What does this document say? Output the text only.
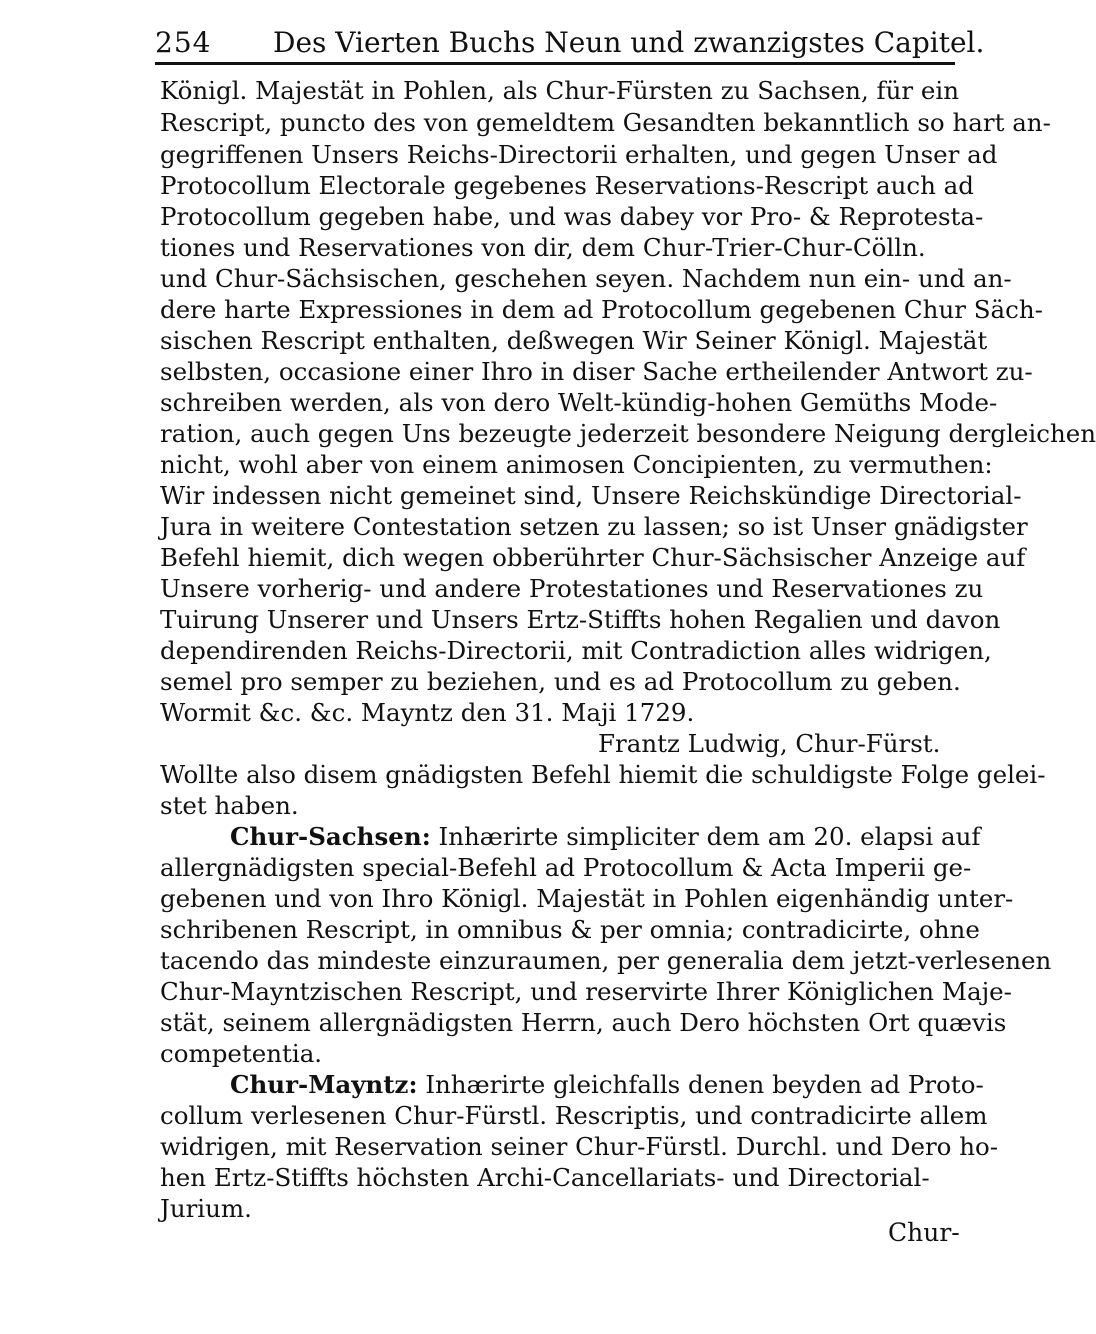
254 Des Vierten Buchs Neun und zwanzigstes Capitel.
Königl. Majestät in Pohlen, als Chur-Fürsten zu Sachsen, für ein
Rescript, puncto des von gemeldtem Gesandten bekanntlich so hart an-
gegriffenen Unsers Reichs-Directorii erhalten, und gegen Unser ad
Protocollum Electorale gegebenes Reservations-Rescript auch ad
Protocollum gegeben habe, und was dabey vor Pro- & Reprotesta-
tiones und Reservationes von dir, dem Chur-Trier-Chur-Cölln.
und Chur-Sächsischen, geschehen seyen. Nachdem nun ein- und an-
dere harte Expressiones in dem ad Protocollum gegebenen Chur Säch-
sischen Rescript enthalten, deßwegen Wir Seiner Königl. Majestät
selbsten, occasione einer Ihro in diser Sache ertheilender Antwort zu-
schreiben werden, als von dero Welt-kündig-hohen Gemüths Mode-
ration, auch gegen Uns bezeugte jederzeit besondere Neigung dergleichen
nicht, wohl aber von einem animosen Concipienten, zu vermuthen:
Wir indessen nicht gemeinet sind, Unsere Reichskündige Directorial-
Jura in weitere Contestation setzen zu lassen; so ist Unser gnädigster
Befehl hiemit, dich wegen obberührter Chur-Sächsischer Anzeige auf
Unsere vorherig- und andere Protestationes und Reservationes zu
Tuirung Unserer und Unsers Ertz-Stiffts hohen Regalien und davon
dependirenden Reichs-Directorii, mit Contradiction alles widrigen,
semel pro semper zu beziehen, und es ad Protocollum zu geben.
Wormit &c. &c. Mayntz den 31. Maji 1729.
Frantz Ludwig, Chur-Fürst.
Wollte also disem gnädigsten Befehl hiemit die schuldigste Folge gelei-
stet haben.
Chur-Sachsen: Inhærirte simpliciter dem am 20. elapsi auf
allergnädigsten special-Befehl ad Protocollum & Acta Imperii ge-
gebenen und von Ihro Königl. Majestät in Pohlen eigenhändig unter-
schribenen Rescript, in omnibus & per omnia; contradicirte, ohne
tacendo das mindeste einzuraumen, per generalia dem jetzt-verlesenen
Chur-Mayntzischen Rescript, und reservirte Ihrer Königlichen Maje-
stät, seinem allergnädigsten Herrn, auch Dero höchsten Ort quævis
competentia.
Chur-Mayntz: Inhærirte gleichfalls denen beyden ad Proto-
collum verlesenen Chur-Fürstl. Rescriptis, und contradicirte allem
widrigen, mit Reservation seiner Chur-Fürstl. Durchl. und Dero ho-
hen Ertz-Stiffts höchsten Archi-Cancellariats- und Directorial-
Jurium.
Chur-
